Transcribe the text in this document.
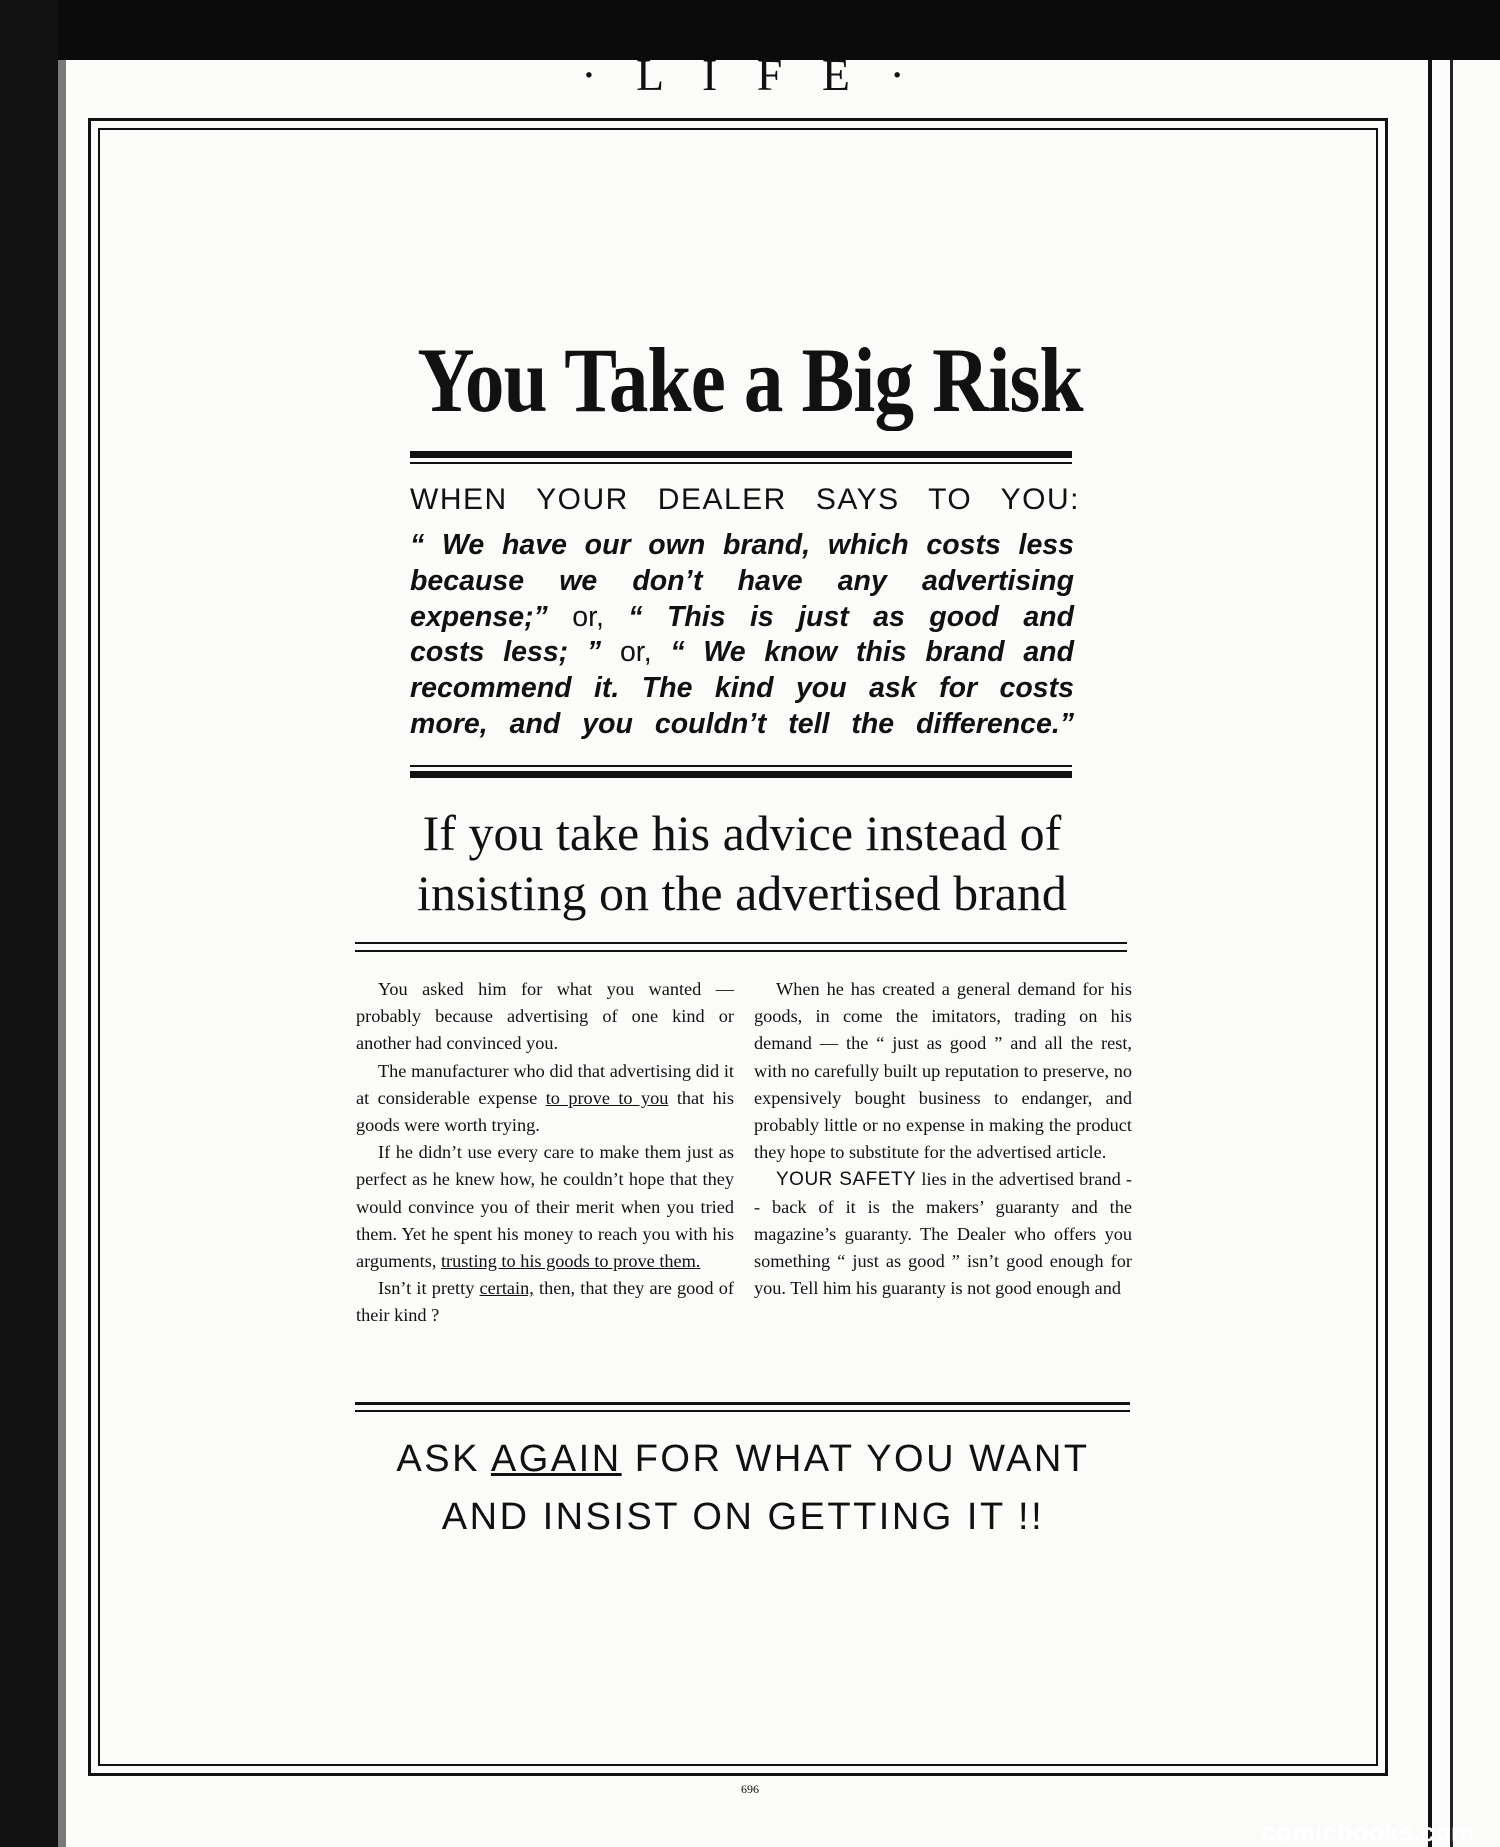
· L I F E ·
You Take a Big Risk
WHEN YOUR DEALER SAYS TO YOU:
“ We have our own brand, which costs less
because we don’t have any advertising
expense;” or, “ This is just as good and
costs less; ” or, “ We know this brand and
recommend it. The kind you ask for costs
more, and you couldn’t tell the difference.”
If you take his advice instead of
insisting on the advertised brand

You asked him for what you wanted — probably because advertising of one kind or another had convinced you.

The manufacturer who did that advertising did it at considerable expense to prove to you that his goods were worth trying.

If he didn’t use every care to make them just as perfect as he knew how, he couldn’t hope that they would convince you of their merit when you tried them. Yet he spent his money to reach you with his arguments, trusting to his goods to prove them.

Isn’t it pretty certain, then, that they are good of their kind ?

When he has created a general demand for his goods, in come the imitators, trading on his demand — the “ just as good ” and all the rest, with no carefully built up reputation to preserve, no expensively bought business to endanger, and probably little or no expense in making the product they hope to substitute for the advertised article.

YOUR SAFETY lies in the advertised brand -- back of it is the makers’ guaranty and the magazine’s guaranty. The Dealer who offers you something “ just as good ” isn’t good enough for you. Tell him his guaranty is not good enough and

ASK AGAIN FOR WHAT YOU WANT
AND INSIST ON GETTING IT !!
696
comicbooks.com
